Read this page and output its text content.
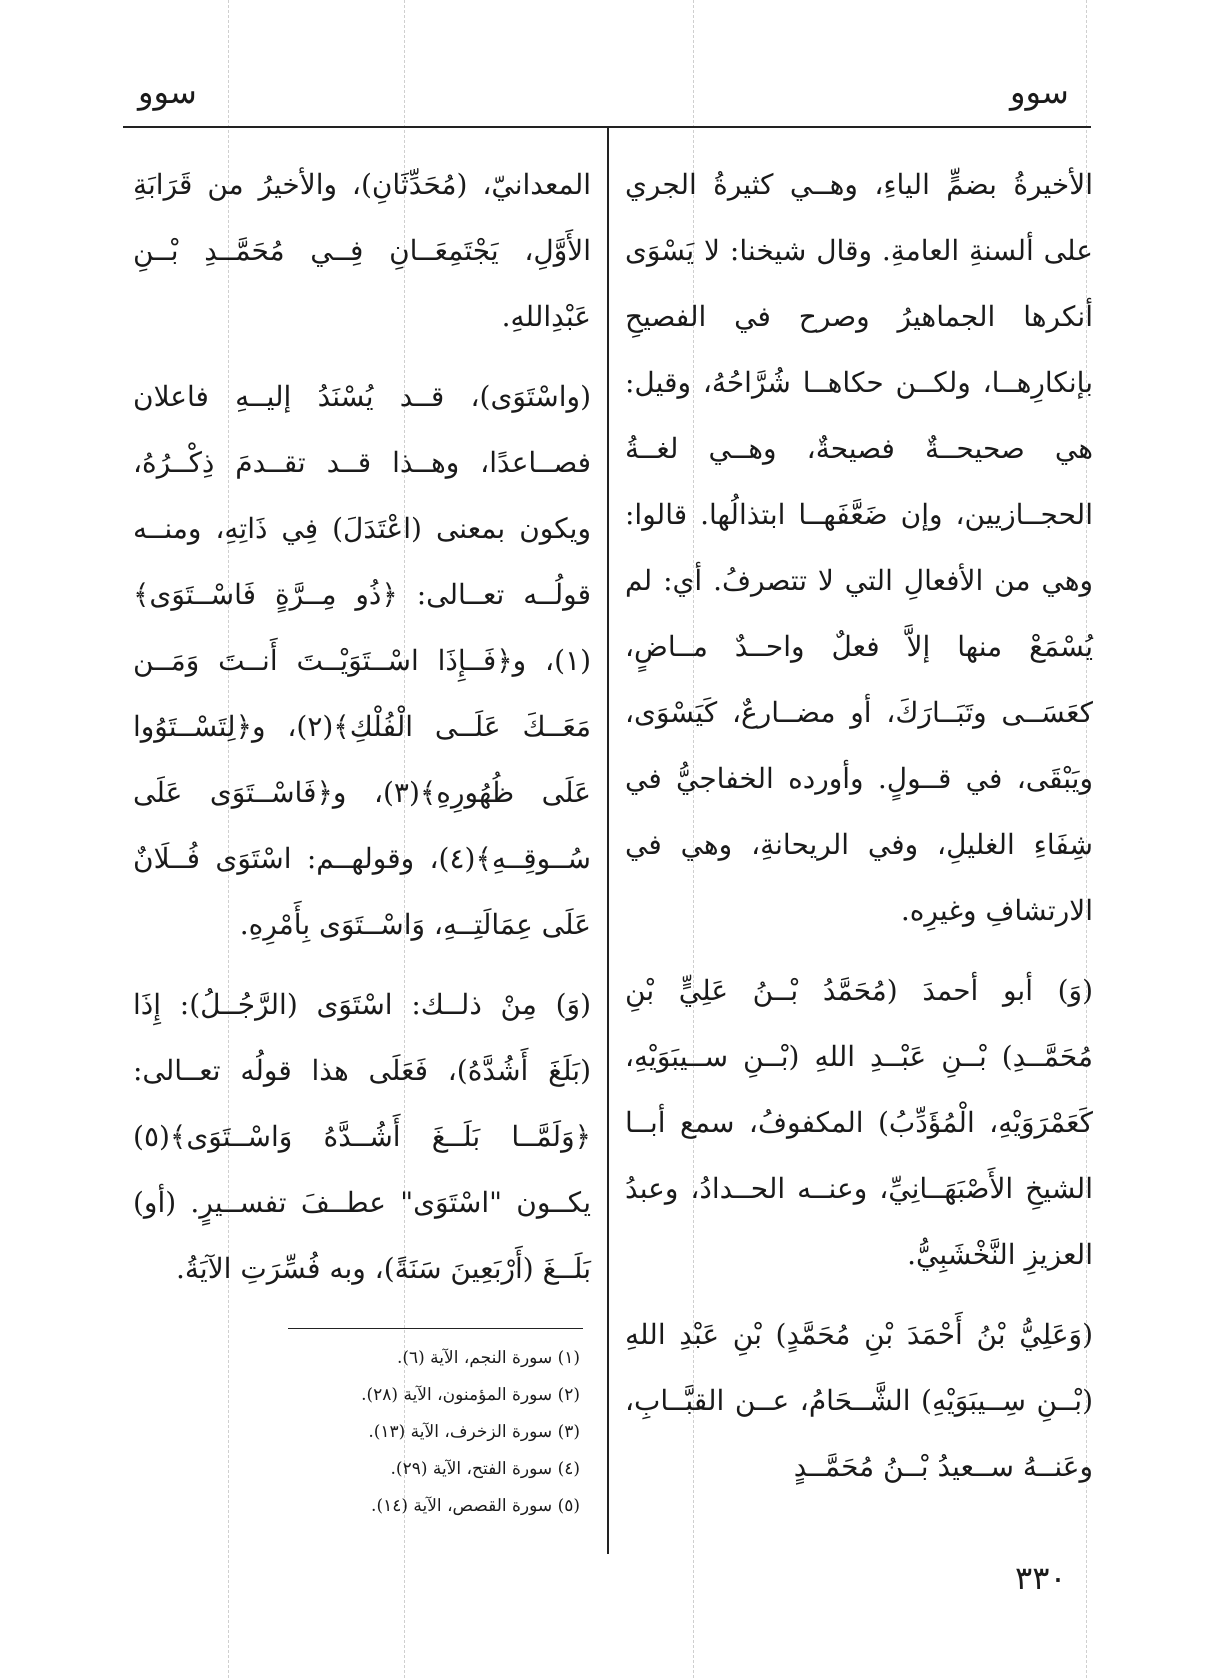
سوو
سوو

الأخيرةُ بضمٍّ الياءِ، وهــي كثيرةُ الجري على ألسنةِ العامةِ. وقال شيخنا: لا يَسْوَى أنكرها الجماهيرُ وصرح في الفصيحِ بإنكارِهــا، ولكــن حكاهــا شُرَّاحُهُ، وقيل: هي صحيحــةٌ فصيحةٌ، وهــي لغــةُ الحجــازيين، وإن ضَعَّفَهــا ابتذالُها. قالوا: وهي من الأفعالِ التي لا تتصرفُ. أي: لم يُسْمَعْ منها إلاَّ فعلٌ واحــدٌ مــاضٍ، كعَسَــى وتَبَــارَكَ، أو مضــارعٌ، كَيَسْوَى، ويَبْقَى، في قــولٍ. وأورده الخفاجيُّ في شِفَاءِ الغليلِ، وفي الريحانةِ، وهي في الارتشافِ وغيرِه.

(وَ) أبو أحمدَ (مُحَمَّدُ بْــنُ عَلِيٍّ بْنِ مُحَمَّــدِ) بْــنِ عَبْــدِ اللهِ (بْــنِ ســيبَوَيْهِ، كَعَمْرَوَيْهِ، الْمُؤَدِّبُ) المكفوفُ، سمع أبــا الشيخِ الأَصْبَهَــانِيِّ، وعنــه الحــدادُ، وعبدُ العزيزِ النَّخْشَبِيُّ.

(وَعَلِيُّ بْنُ أَحْمَدَ بْنِ مُحَمَّدٍ) بْنِ عَبْدِ اللهِ (بْــنِ سِــيبَوَيْهِ) الشَّــحَامُ، عــن القبَّــابِ، وعَنــهُ ســعيدُ بْــنُ مُحَمَّــدٍ

المعدانيّ، (مُحَدِّثَانِ)، والأخيرُ من قَرَابَةِ الأَوَّلِ، يَجْتَمِعَــانِ فِــي مُحَمَّــدِ بْــنِ عَبْدِاللهِ.

(واسْتَوَى)، قــد يُسْنَدُ إليــهِ فاعلان فصــاعدًا، وهــذا قــد تقــدمَ ذِكْــرُهُ، ويكون بمعنى (اعْتَدَلَ) فِي ذَاتِهِ، ومنــه قولُــه تعــالى: ﴿ذُو مِــرَّةٍ فَاسْــتَوَى﴾(١)، و﴿فَــإِذَا اسْــتَوَيْــتَ أَنــتَ وَمَــن مَعَــكَ عَلَــى الْفُلْكِ﴾(٢)، و﴿لِتَسْــتَوُوا عَلَى ظُهُورِهِ﴾(٣)، و﴿فَاسْــتَوَى عَلَى سُــوقِــهِ﴾(٤)، وقولهــم: اسْتَوَى فُــلَانٌ عَلَى عِمَالَتِــهِ، وَاسْــتَوَى بِأَمْرِهِ.

(وَ) مِنْ ذلــك: اسْتَوَى (الرَّجُــلُ): إِذَا (بَلَغَ أَشُدَّهُ)، فَعَلَى هذا قولُه تعــالى: ﴿وَلَمَّــا بَلَــغَ أَشُــدَّهُ وَاسْــتَوَى﴾(٥) يكــون "اسْتَوَى" عطــفَ تفســيرٍ. (أو) بَلَــغَ (أَرْبَعِينَ سَنَةً)، وبه فُسِّرَتِ الآيَةُ.

(١) سورة النجم، الآية (٦).
(٢) سورة المؤمنون، الآية (٢٨).
(٣) سورة الزخرف، الآية (١٣).
(٤) سورة الفتح، الآية (٢٩).
(٥) سورة القصص، الآية (١٤).
٣٣٠
